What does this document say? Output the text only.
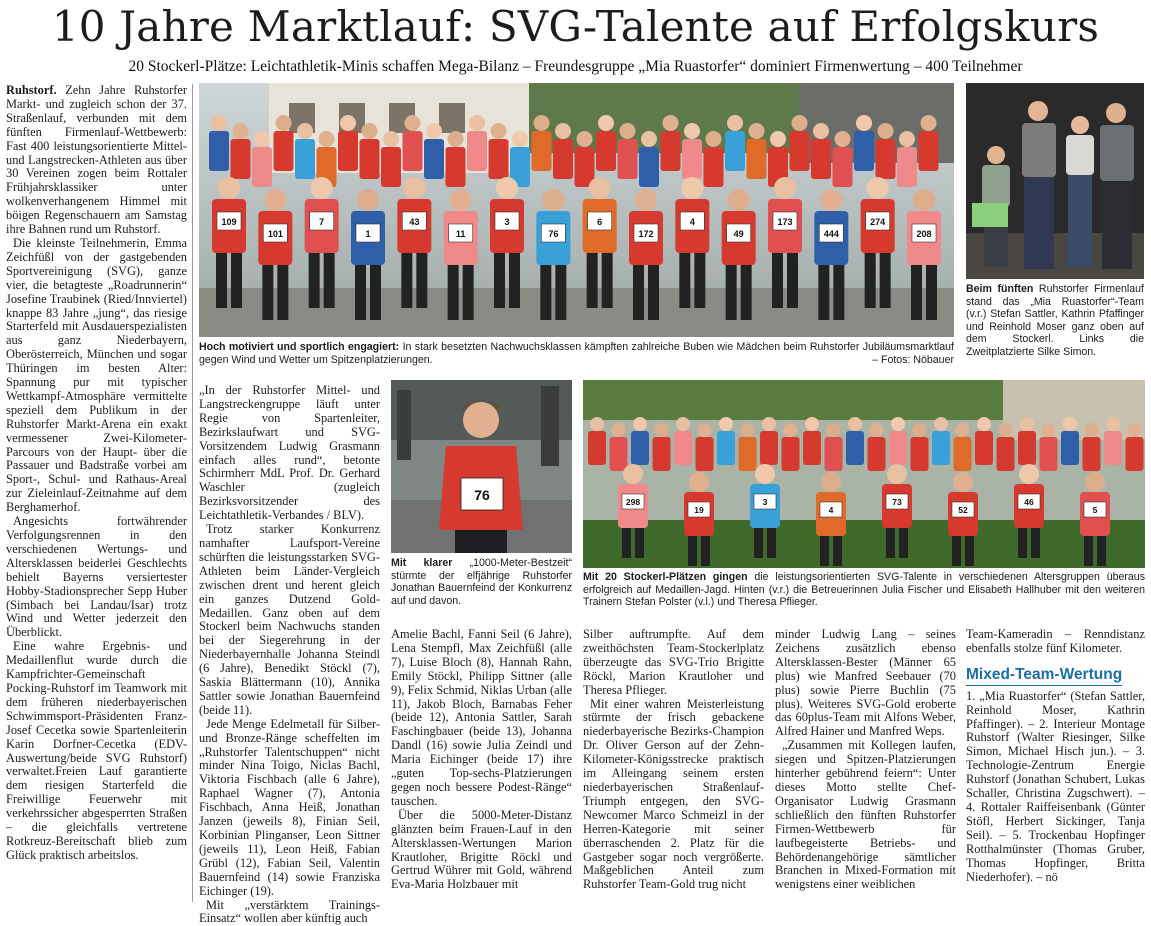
10 Jahre Marktlauf: SVG-Talente auf Erfolgskurs
20 Stockerl-Plätze: Leichtathletik-Minis schaffen Mega-Bilanz – Freundesgruppe „Mia Ruastorfer“ dominiert Firmenwertung – 400 Teilnehmer

Ruhstorf. Zehn Jahre Ruhstorfer Markt- und zugleich schon der 37. Straßenlauf, verbunden mit dem fünften Firmenlauf-Wettbewerb: Fast 400 leistungsorientierte Mittel- und Langstrecken-Athleten aus über 30 Vereinen zogen beim Rottaler Frühjahrsklassiker unter wolkenverhangenem Himmel mit böigen Regenschauern am Samstag ihre Bahnen rund um Ruhstorf.

Die kleinste Teilnehmerin, Emma Zeichfüßl von der gastgebenden Sportvereinigung (SVG), ganze vier, die betagteste „Roadrunnerin“ Josefine Traubinek (Ried/Innviertel) knappe 83 Jahre „jung“, das riesige Starterfeld mit Ausdauerspezialisten aus ganz Niederbayern, Oberösterreich, München und sogar Thüringen im besten Alter: Spannung pur mit typischer Wettkampf-Atmosphäre vermittelte speziell dem Publikum in der Ruhstorfer Markt-Arena ein exakt vermessener Zwei-Kilometer-Parcours von der Haupt- über die Passauer und Badstraße vorbei am Sport-, Schul- und Rathaus-Areal zur Zieleinlauf-Zeitnahme auf dem Berghamerhof.

Angesichts fortwährender Verfolgungsrennen in den verschiedenen Wertungs- und Altersklassen beiderlei Geschlechts behielt Bayerns versiertester Hobby-Stadionsprecher Sepp Huber (Simbach bei Landau/Isar) trotz Wind und Wetter jederzeit den Überblickt.

Eine wahre Ergebnis- und Medaillenflut wurde durch die Kampfrichter-Gemeinschaft Pocking-Ruhstorf im Teamwork mit dem früheren niederbayerischen Schwimmsport-Präsidenten Franz-Josef Cecetka sowie Spartenleiterin Karin Dorfner-Cecetka (EDV-Auswertung/beide SVG Ruhstorf) verwaltet.Freien Lauf garantierte dem riesigen Starterfeld die Freiwillige Feuerwehr mit verkehrssicher abgesperrten Straßen – die gleichfalls vertretene Rotkreuz-Bereitschaft blieb zum Glück praktisch arbeitslos.

109
101
7
1
43
11
3
76
6
172
4
49
173
444
274
208
Hoch motiviert und sportlich engagiert: In stark besetzten Nachwuchsklassen kämpften zahlreiche Buben wie Mädchen beim Ruhstorfer Jubiläumsmarktlauf gegen Wind und Wetter um Spitzenplatzierungen.	– Fotos: Nöbauer
Beim fünften Ruhstorfer Firmenlauf stand das „Mia Ruastorfer“-Team (v.r.) Stefan Sattler, Kathrin Pfaffinger und Reinhold Moser ganz oben auf dem Stockerl. Links die Zweitplatzierte Silke Simon.

„In der Ruhstorfer Mittel- und Langstreckengruppe läuft unter Regie von Spartenleiter, Bezirkslaufwart und SVG-Vorsitzendem Ludwig Grasmann einfach alles rund“, betonte Schirmherr MdL Prof. Dr. Gerhard Waschler (zugleich Bezirksvorsitzender des Leichtathletik-Verbandes / BLV).

Trotz starker Konkurrenz namhafter Laufsport-Vereine schürften die leistungsstarken SVG-Athleten beim Länder-Vergleich zwischen drent und herent gleich ein ganzes Dutzend Gold-Medaillen. Ganz oben auf dem Stockerl beim Nachwuchs standen bei der Siegerehrung in der Niederbayernhalle Johanna Steindl (6 Jahre), Benedikt Stöckl (7), Saskia Blättermann (10), Annika Sattler sowie Jonathan Bauernfeind (beide 11).

Jede Menge Edelmetall für Silber- und Bronze-Ränge scheffelten im „Ruhstorfer Talentschuppen“ nicht minder Nina Toigo, Niclas Bachl, Viktoria Fischbach (alle 6 Jahre), Raphael Wagner (7), Antonia Fischbach, Anna Heiß, Jonathan Janzen (jeweils 8), Finian Seil, Korbinian Plinganser, Leon Sittner (jeweils 11), Leon Heiß, Fabian Grübl (12), Fabian Seil, Valentin Bauernfeind (14) sowie Franziska Eichinger (19).

Mit „verstärktem Trainings-Einsatz“ wollen aber künftig auch

76
Mit klarer „1000-Meter-Bestzeit“ stürmte der elfjährige Ruhstorfer Jonathan Bauernfeind der Konkurrenz auf und davon.
298
19
3
4
73
52
46
5
Mit 20 Stockerl-Plätzen gingen die leistungsorientierten SVG-Talente in verschiedenen Altersgruppen überaus erfolgreich auf Medaillen-Jagd. Hinten (v.r.) die Betreuerinnen Julia Fischer und Elisabeth Hallhuber mit den weiteren Trainern Stefan Polster (v.l.) und Theresa Pflieger.

Amelie Bachl, Fanni Seil (6 Jahre), Lena Stempfl, Max Zeichfüßl (alle 7), Luise Bloch (8), Hannah Rahn, Emily Stöckl, Philipp Sittner (alle 9), Felix Schmid, Niklas Urban (alle 11), Jakob Bloch, Barnabas Feher (beide 12), Antonia Sattler, Sarah Faschingbauer (beide 13), Johanna Dandl (16) sowie Julia Zeindl und Maria Eichinger (beide 17) ihre „guten Top-sechs-Platzierungen gegen noch bessere Podest-Ränge“ tauschen.

Über die 5000-Meter-Distanz glänzten beim Frauen-Lauf in den Altersklassen-Wertungen Marion Krautloher, Brigitte Röckl und Gertrud Wührer mit Gold, während Eva-Maria Holzbauer mit

Silber auftrumpfte. Auf dem zweithöchsten Team-Stockerlplatz überzeugte das SVG-Trio Brigitte Röckl, Marion Krautloher und Theresa Pflieger.

Mit einer wahren Meisterleistung stürmte der frisch gebackene niederbayerische Bezirks-Champion Dr. Oliver Gerson auf der Zehn-Kilometer-Königsstrecke praktisch im Alleingang seinem ersten niederbayerischen Straßenlauf-Triumph entgegen, den SVG-Newcomer Marco Schmeizl in der Herren-Kategorie mit seiner überraschenden 2. Platz für die Gastgeber sogar noch vergrößerte. Maßgeblichen Anteil zum Ruhstorfer Team-Gold trug nicht

minder Ludwig Lang – seines Zeichens zusätzlich ebenso Altersklassen-Bester (Männer 65 plus) wie Manfred Seebauer (70 plus) sowie Pierre Buchlin (75 plus). Weiteres SVG-Gold eroberte das 60plus-Team mit Alfons Weber, Alfred Hainer und Manfred Weps.

„Zusammen mit Kollegen laufen, siegen und Spitzen-Platzierungen hinterher gebührend feiern“: Unter dieses Motto stellte Chef-Organisator Ludwig Grasmann schließlich den fünften Ruhstorfer Firmen-Wettbewerb für laufbegeisterte Betriebs- und Behördenangehörige sämtlicher Branchen in Mixed-Formation mit wenigstens einer weiblichen

Team-Kameradin – Renndistanz ebenfalls stolze fünf Kilometer.

Mixed-Team-Wertung

1. „Mia Ruastorfer“ (Stefan Sattler, Reinhold Moser, Kathrin Pfaffinger). – 2. Interieur Montage Ruhstorf (Walter Riesinger, Silke Simon, Michael Hisch jun.). – 3. Technologie-Zentrum Energie Ruhstorf (Jonathan Schubert, Lukas Schaller, Christina Zugschwert). – 4. Rottaler Raiffeisenbank (Günter Stöfl, Herbert Sickinger, Tanja Seil). – 5. Trockenbau Hopfinger Rotthalmünster (Thomas Gruber, Thomas Hopfinger, Britta Niederhofer). – nö
